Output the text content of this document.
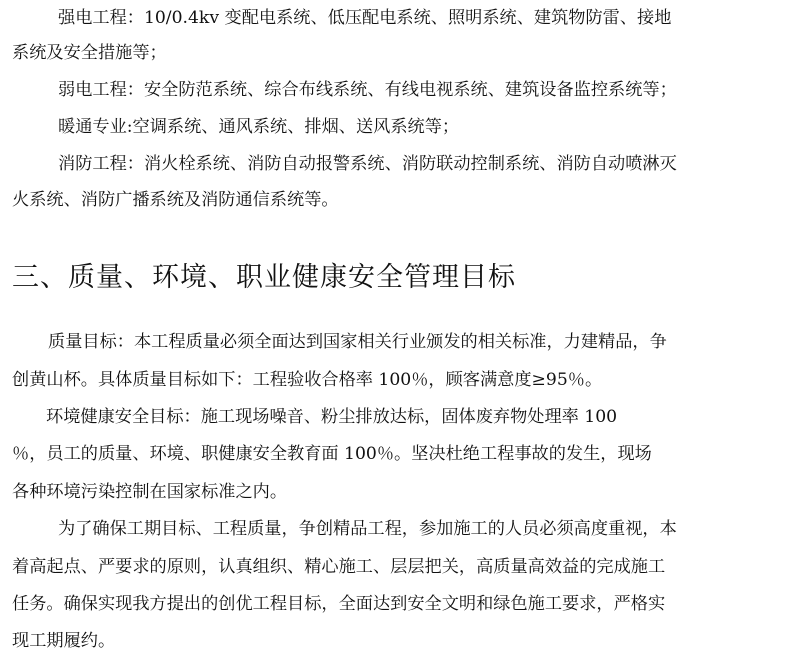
强电工程：10/0.4kv 变配电系统、低压配电系统、照明系统、建筑物防雷、接地
系统及安全措施等；
弱电工程：安全防范系统、综合布线系统、有线电视系统、建筑设备监控系统等；
暖通专业:空调系统、通风系统、排烟、送风系统等；
消防工程：消火栓系统、消防自动报警系统、消防联动控制系统、消防自动喷淋灭
火系统、消防广播系统及消防通信系统等。
三、质量、环境、职业健康安全管理目标
质量目标：本工程质量必须全面达到国家相关行业颁发的相关标准，力建精品，争
创黄山杯。具体质量目标如下：工程验收合格率 100％，顾客满意度≥95％。
环境健康安全目标：施工现场噪音、粉尘排放达标，固体废弃物处理率 100
％，员工的质量、环境、职健康安全教育面 100％。坚决杜绝工程事故的发生，现场
各种环境污染控制在国家标准之内。
为了确保工期目标、工程质量，争创精品工程，参加施工的人员必须高度重视，本
着高起点、严要求的原则，认真组织、精心施工、层层把关，高质量高效益的完成施工
任务。确保实现我方提出的创优工程目标，全面达到安全文明和绿色施工要求，严格实
现工期履约。
